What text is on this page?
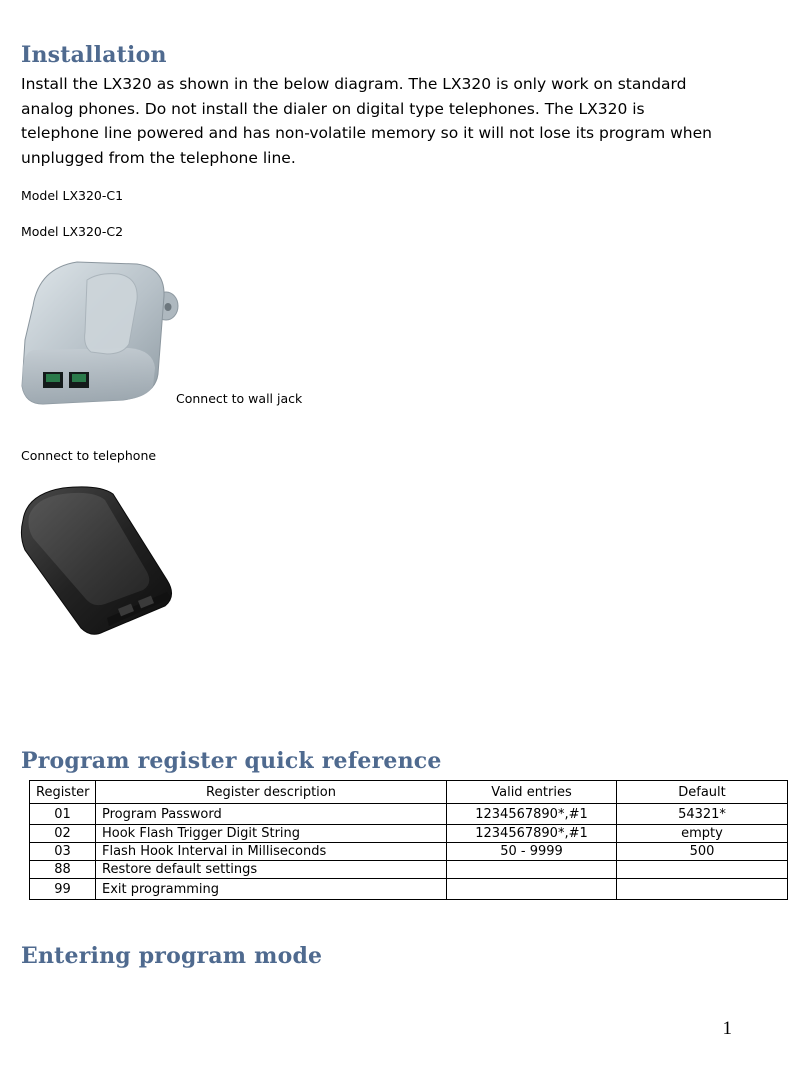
Installation

Install the LX320 as shown in the below diagram. The LX320 is only work on standard analog phones. Do not install the dialer on digital type telephones. The LX320 is telephone line powered and has non-volatile memory so it will not lose its program when unplugged from the telephone line.

Model LX320-C1

Model LX320-C2

Connect to wall jack

Connect to telephone

Program register quick reference
Register	Register description	Valid entries	Default
01	Program Password	1234567890*,#1	54321*
02	Hook Flash Trigger Digit String	1234567890*,#1	empty
03	Flash Hook Interval in Milliseconds	50 - 9999	500
88	Restore default settings		
99	Exit programming		
Entering program mode

1
